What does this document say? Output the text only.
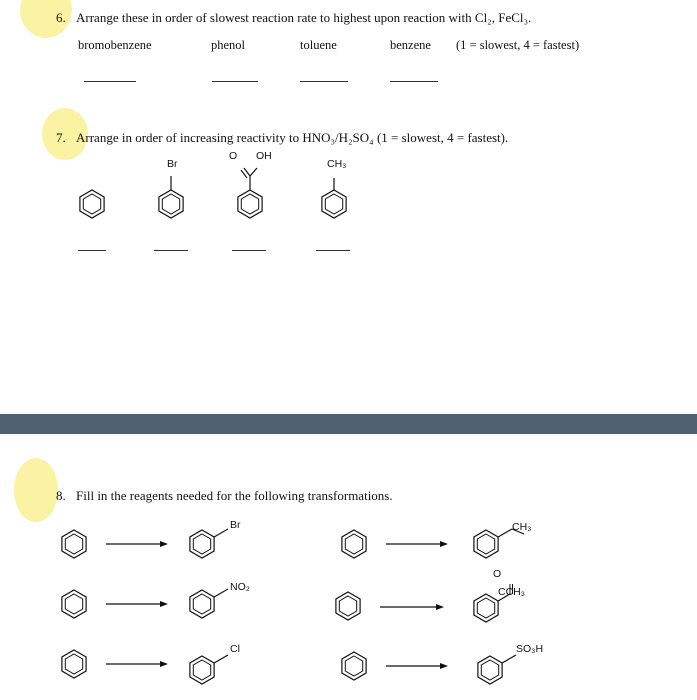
6. Arrange these in order of slowest reaction rate to highest upon reaction with Cl₂, FeCl₃.
bromobenzene	phenol	toluene	benzene (1 = slowest, 4 = fastest)
7. Arrange in order of increasing reactivity to HNO₃/H₂SO₄ (1 = slowest, 4 = fastest).
Br
O OH
CH₃
8. Fill in the reagents needed for the following transformations.
Br	CH₃
NO₂
O
CCH₃
Cl	SO₃H
